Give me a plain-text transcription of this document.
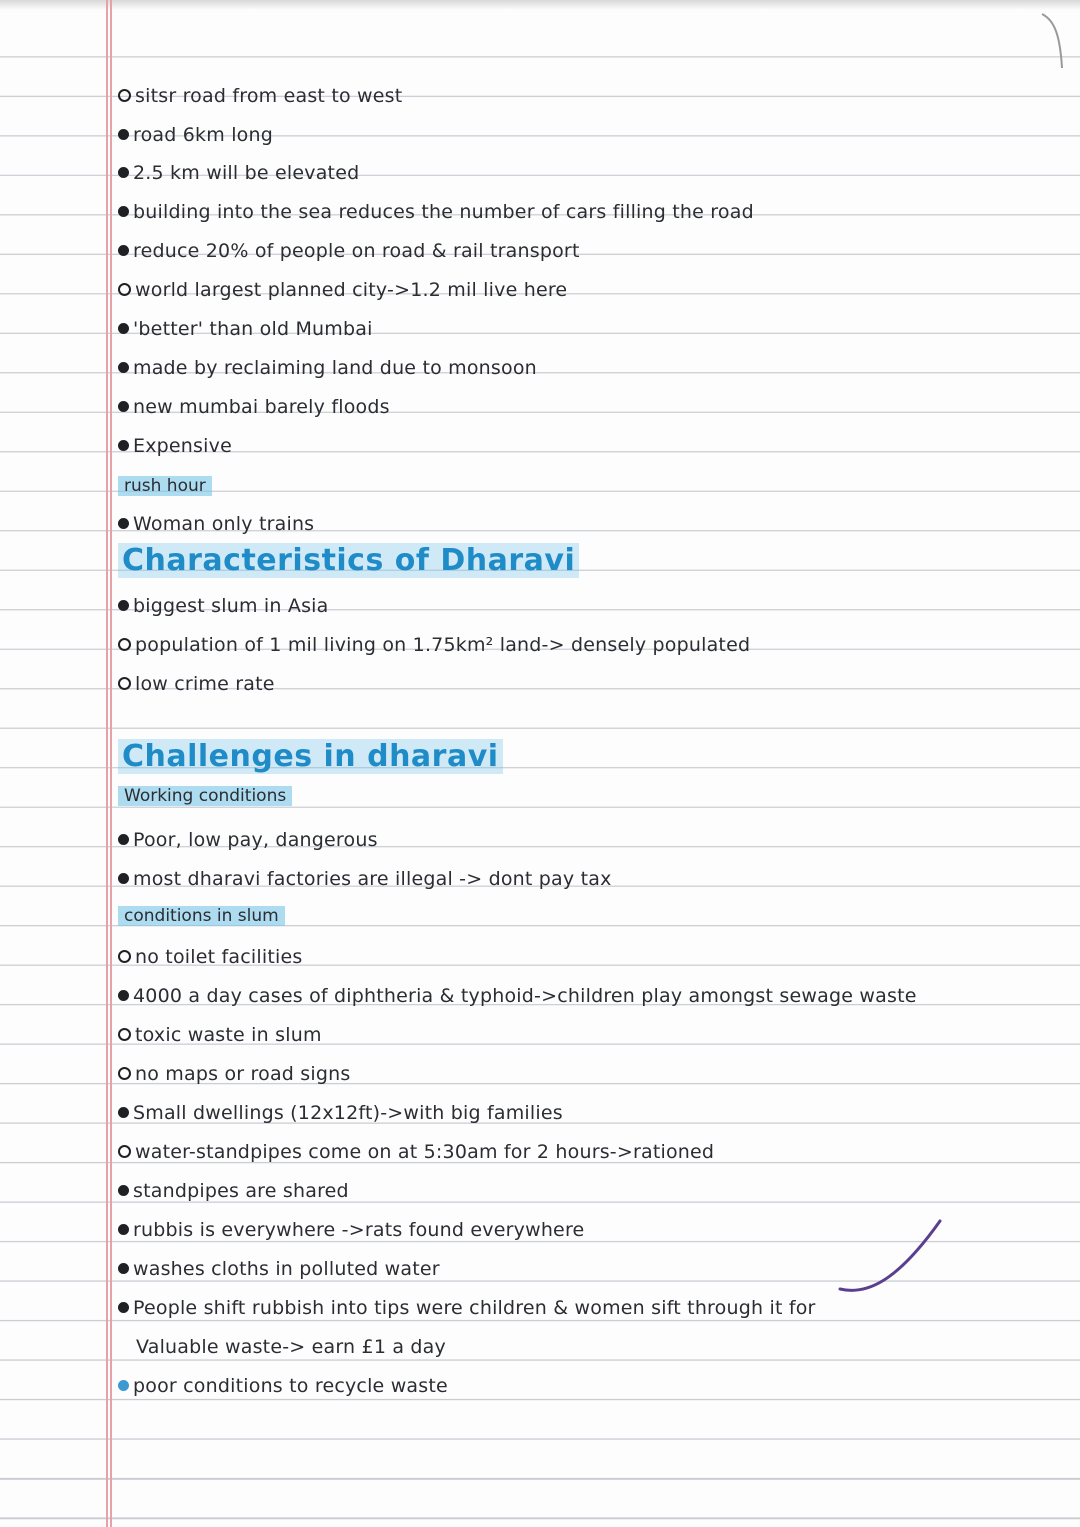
sitsr road from east to west
road 6km long
2.5 km will be elevated
building into the sea reduces the number of cars filling the road
reduce 20% of people on road & rail transport
world largest planned city->1.2 mil live here
'better' than old Mumbai
made by reclaiming land due to monsoon
new mumbai barely floods
Expensive
rush hour
Woman only trains
Characteristics of Dharavi
biggest slum in Asia
population of 1 mil living on 1.75km² land-> densely populated
low crime rate
Challenges in dharavi
Working conditions
Poor, low pay, dangerous
most dharavi factories are illegal -> dont pay tax
conditions in slum
no toilet facilities
4000 a day cases of diphtheria & typhoid->children play amongst sewage waste
toxic waste in slum
no maps or road signs
Small dwellings (12x12ft)->with big families
water-standpipes come on at 5:30am for 2 hours->rationed
standpipes are shared
rubbis is everywhere ->rats found everywhere
washes cloths in polluted water
People shift rubbish into tips were children & women sift through it for
Valuable waste-> earn £1 a day
poor conditions to recycle waste
